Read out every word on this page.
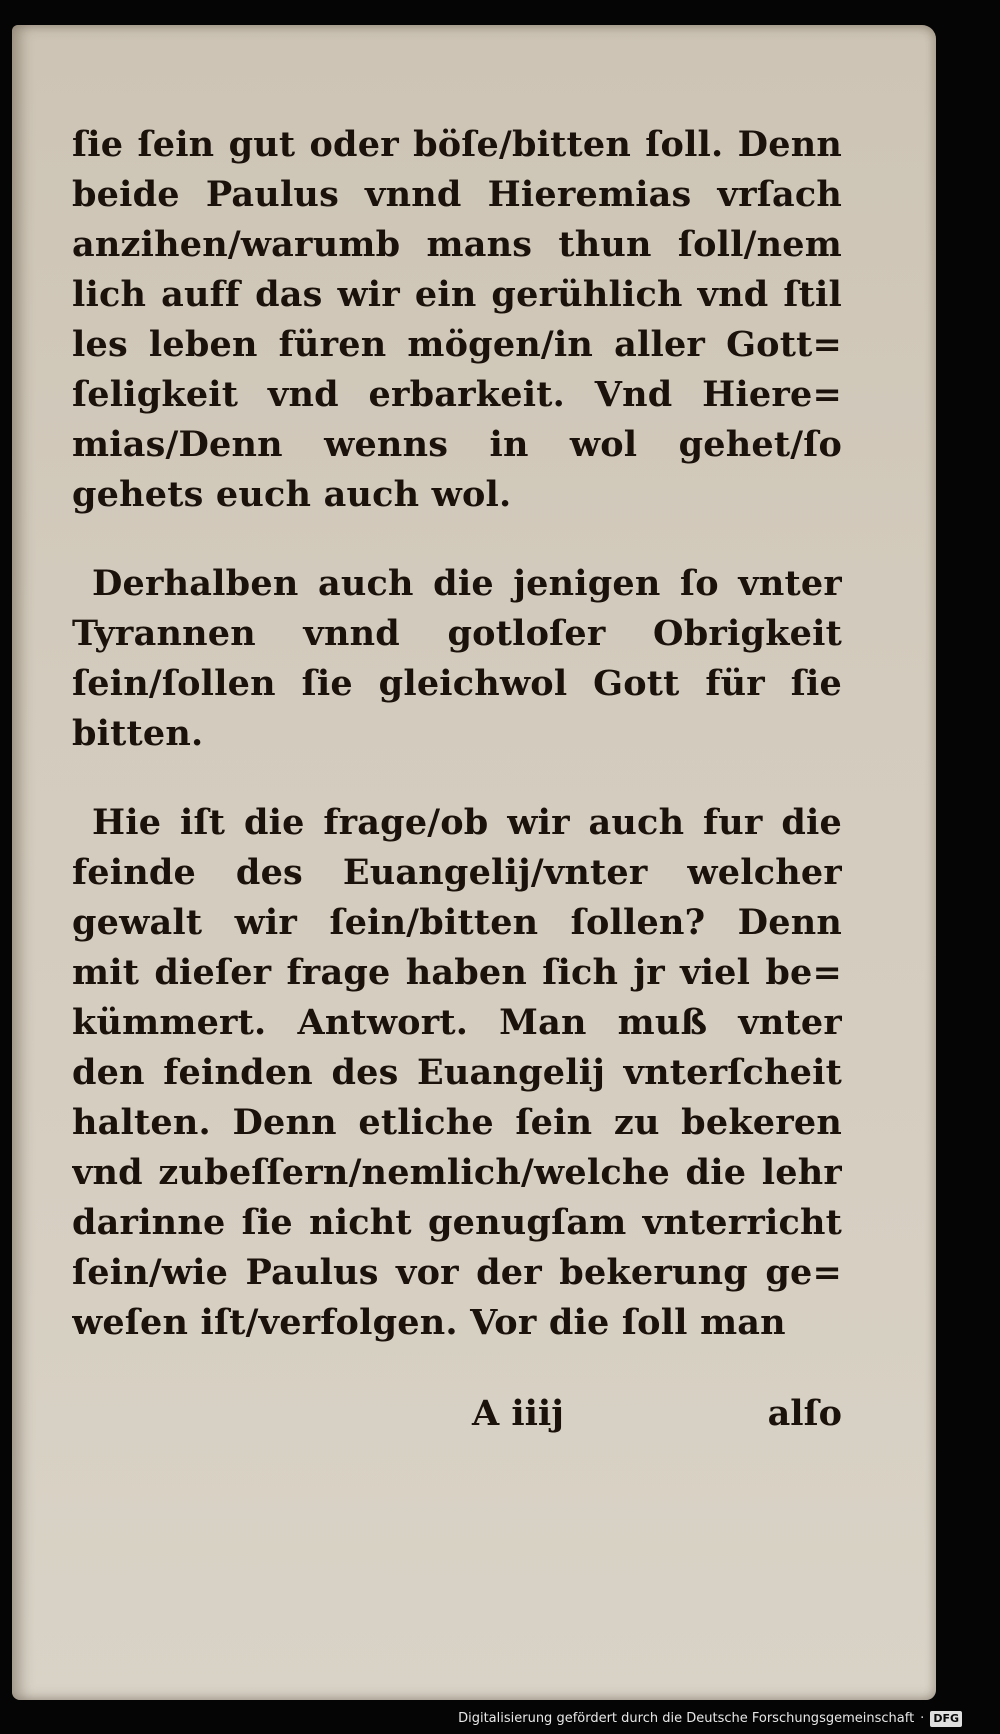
ſie ſein gut oder böſe/bitten ſoll. Denn
beide Paulus vnnd Hieremias vrſach
anzihen/warumb mans thun ſoll/nem
lich auff das wir ein gerühlich vnd ſtil
les leben füren mögen/in aller Gott=
ſeligkeit vnd erbarkeit. Vnd Hiere=
mias/Denn wenns in wol gehet/ſo
gehets euch auch wol.
Derhalben auch die jenigen ſo vnter
Tyrannen vnnd gotloſer Obrigkeit
ſein/ſollen ſie gleichwol Gott für ſie
bitten.
Hie iſt die frage/ob wir auch fur die
feinde des Euangelij/vnter welcher
gewalt wir ſein/bitten ſollen? Denn
mit dieſer frage haben ſich jr viel be=
kümmert. Antwort. Man muß vnter
den feinden des Euangelij vnterſcheit
halten. Denn etliche ſein zu bekeren
vnd zubeſſern/nemlich/welche die lehr
darinne ſie nicht genugſam vnterricht
ſein/wie Paulus vor der bekerung ge=
weſen iſt/verfolgen. Vor die ſoll man
A iiij	alſo
Digitalisierung gefördert durch die Deutsche Forschungsgemeinschaft · DFG
